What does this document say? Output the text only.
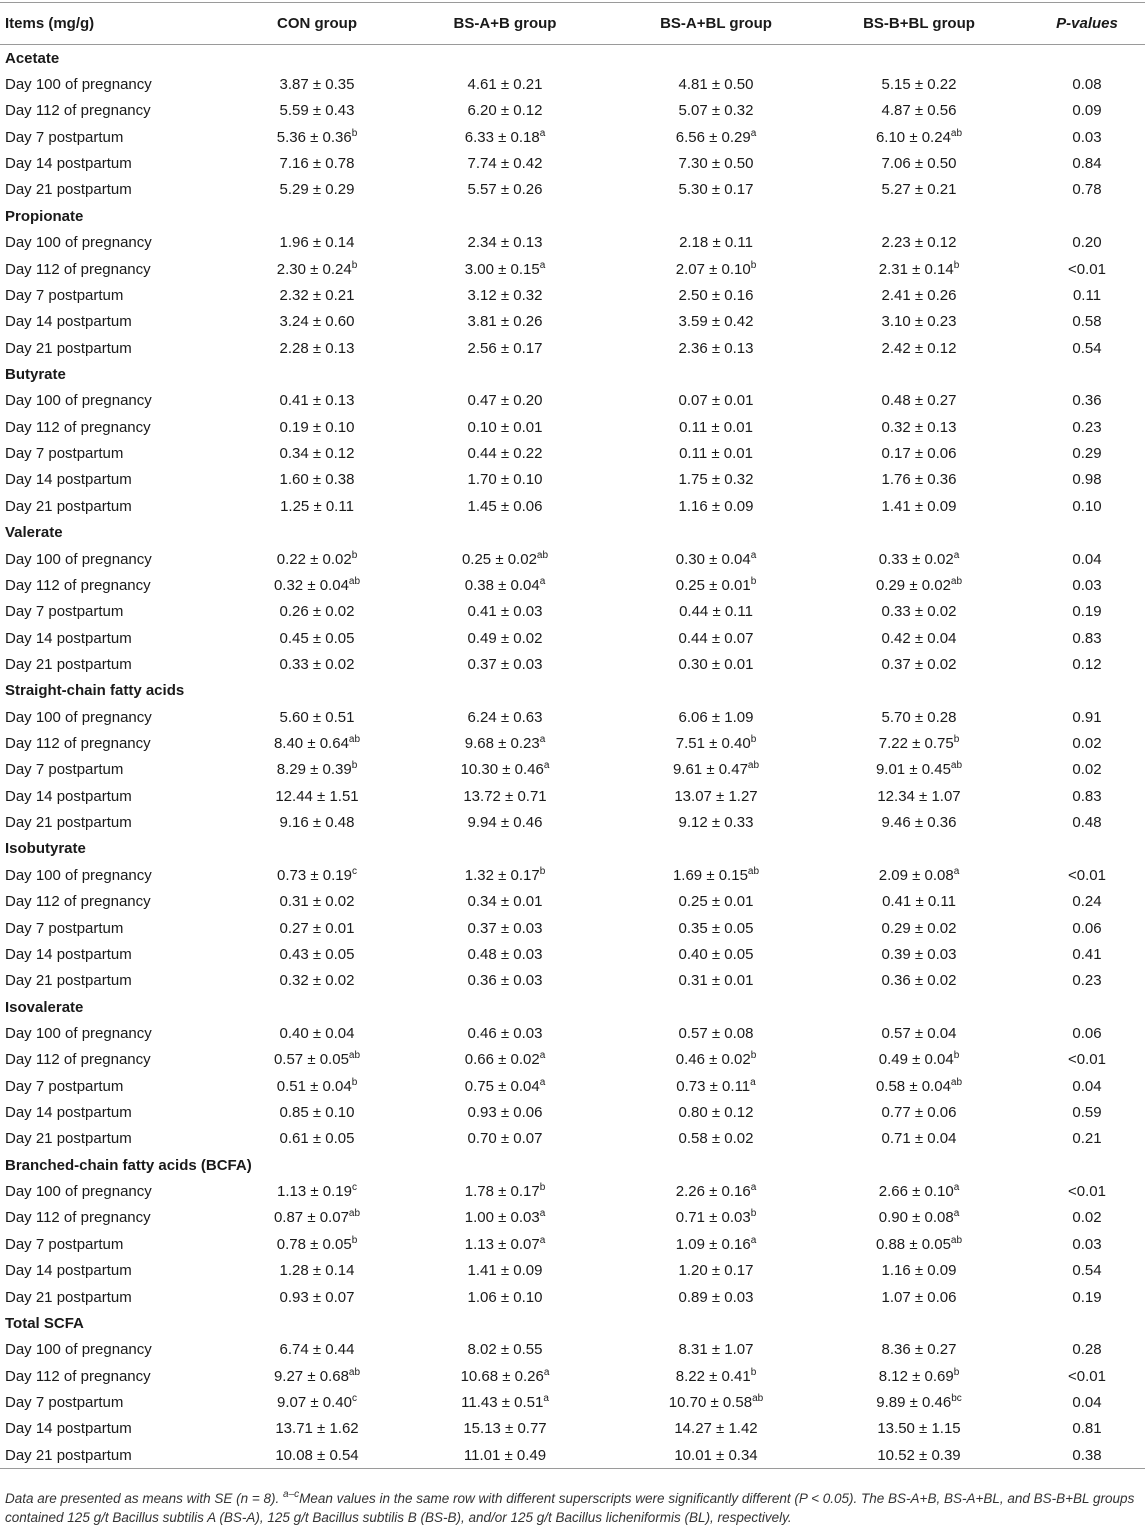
Items (mg/g)	CON group	BS-A+B group	BS-A+BL group	BS-B+BL group	P-values
Acetate					
Day 100 of pregnancy	3.87 ± 0.35	4.61 ± 0.21	4.81 ± 0.50	5.15 ± 0.22	0.08
Day 112 of pregnancy	5.59 ± 0.43	6.20 ± 0.12	5.07 ± 0.32	4.87 ± 0.56	0.09
Day 7 postpartum	5.36 ± 0.36$^b$	6.33 ± 0.18$^a$	6.56 ± 0.29$^a$	6.10 ± 0.24$^{ab}$	0.03
Day 14 postpartum	7.16 ± 0.78	7.74 ± 0.42	7.30 ± 0.50	7.06 ± 0.50	0.84
Day 21 postpartum	5.29 ± 0.29	5.57 ± 0.26	5.30 ± 0.17	5.27 ± 0.21	0.78
Propionate					
Day 100 of pregnancy	1.96 ± 0.14	2.34 ± 0.13	2.18 ± 0.11	2.23 ± 0.12	0.20
Day 112 of pregnancy	2.30 ± 0.24$^b$	3.00 ± 0.15$^a$	2.07 ± 0.10$^b$	2.31 ± 0.14$^b$	<0.01
Day 7 postpartum	2.32 ± 0.21	3.12 ± 0.32	2.50 ± 0.16	2.41 ± 0.26	0.11
Day 14 postpartum	3.24 ± 0.60	3.81 ± 0.26	3.59 ± 0.42	3.10 ± 0.23	0.58
Day 21 postpartum	2.28 ± 0.13	2.56 ± 0.17	2.36 ± 0.13	2.42 ± 0.12	0.54
Butyrate					
Day 100 of pregnancy	0.41 ± 0.13	0.47 ± 0.20	0.07 ± 0.01	0.48 ± 0.27	0.36
Day 112 of pregnancy	0.19 ± 0.10	0.10 ± 0.01	0.11 ± 0.01	0.32 ± 0.13	0.23
Day 7 postpartum	0.34 ± 0.12	0.44 ± 0.22	0.11 ± 0.01	0.17 ± 0.06	0.29
Day 14 postpartum	1.60 ± 0.38	1.70 ± 0.10	1.75 ± 0.32	1.76 ± 0.36	0.98
Day 21 postpartum	1.25 ± 0.11	1.45 ± 0.06	1.16 ± 0.09	1.41 ± 0.09	0.10
Valerate					
Day 100 of pregnancy	0.22 ± 0.02$^b$	0.25 ± 0.02$^{ab}$	0.30 ± 0.04$^a$	0.33 ± 0.02$^a$	0.04
Day 112 of pregnancy	0.32 ± 0.04$^{ab}$	0.38 ± 0.04$^a$	0.25 ± 0.01$^b$	0.29 ± 0.02$^{ab}$	0.03
Day 7 postpartum	0.26 ± 0.02	0.41 ± 0.03	0.44 ± 0.11	0.33 ± 0.02	0.19
Day 14 postpartum	0.45 ± 0.05	0.49 ± 0.02	0.44 ± 0.07	0.42 ± 0.04	0.83
Day 21 postpartum	0.33 ± 0.02	0.37 ± 0.03	0.30 ± 0.01	0.37 ± 0.02	0.12
Straight-chain fatty acids					
Day 100 of pregnancy	5.60 ± 0.51	6.24 ± 0.63	6.06 ± 1.09	5.70 ± 0.28	0.91
Day 112 of pregnancy	8.40 ± 0.64$^{ab}$	9.68 ± 0.23$^a$	7.51 ± 0.40$^b$	7.22 ± 0.75$^b$	0.02
Day 7 postpartum	8.29 ± 0.39$^b$	10.30 ± 0.46$^a$	9.61 ± 0.47$^{ab}$	9.01 ± 0.45$^{ab}$	0.02
Day 14 postpartum	12.44 ± 1.51	13.72 ± 0.71	13.07 ± 1.27	12.34 ± 1.07	0.83
Day 21 postpartum	9.16 ± 0.48	9.94 ± 0.46	9.12 ± 0.33	9.46 ± 0.36	0.48
Isobutyrate					
Day 100 of pregnancy	0.73 ± 0.19$^c$	1.32 ± 0.17$^b$	1.69 ± 0.15$^{ab}$	2.09 ± 0.08$^a$	<0.01
Day 112 of pregnancy	0.31 ± 0.02	0.34 ± 0.01	0.25 ± 0.01	0.41 ± 0.11	0.24
Day 7 postpartum	0.27 ± 0.01	0.37 ± 0.03	0.35 ± 0.05	0.29 ± 0.02	0.06
Day 14 postpartum	0.43 ± 0.05	0.48 ± 0.03	0.40 ± 0.05	0.39 ± 0.03	0.41
Day 21 postpartum	0.32 ± 0.02	0.36 ± 0.03	0.31 ± 0.01	0.36 ± 0.02	0.23
Isovalerate					
Day 100 of pregnancy	0.40 ± 0.04	0.46 ± 0.03	0.57 ± 0.08	0.57 ± 0.04	0.06
Day 112 of pregnancy	0.57 ± 0.05$^{ab}$	0.66 ± 0.02$^a$	0.46 ± 0.02$^b$	0.49 ± 0.04$^b$	<0.01
Day 7 postpartum	0.51 ± 0.04$^b$	0.75 ± 0.04$^a$	0.73 ± 0.11$^a$	0.58 ± 0.04$^{ab}$	0.04
Day 14 postpartum	0.85 ± 0.10	0.93 ± 0.06	0.80 ± 0.12	0.77 ± 0.06	0.59
Day 21 postpartum	0.61 ± 0.05	0.70 ± 0.07	0.58 ± 0.02	0.71 ± 0.04	0.21
Branched-chain fatty acids (BCFA)					
Day 100 of pregnancy	1.13 ± 0.19$^c$	1.78 ± 0.17$^b$	2.26 ± 0.16$^a$	2.66 ± 0.10$^a$	<0.01
Day 112 of pregnancy	0.87 ± 0.07$^{ab}$	1.00 ± 0.03$^a$	0.71 ± 0.03$^b$	0.90 ± 0.08$^a$	0.02
Day 7 postpartum	0.78 ± 0.05$^b$	1.13 ± 0.07$^a$	1.09 ± 0.16$^a$	0.88 ± 0.05$^{ab}$	0.03
Day 14 postpartum	1.28 ± 0.14	1.41 ± 0.09	1.20 ± 0.17	1.16 ± 0.09	0.54
Day 21 postpartum	0.93 ± 0.07	1.06 ± 0.10	0.89 ± 0.03	1.07 ± 0.06	0.19
Total SCFA					
Day 100 of pregnancy	6.74 ± 0.44	8.02 ± 0.55	8.31 ± 1.07	8.36 ± 0.27	0.28
Day 112 of pregnancy	9.27 ± 0.68$^{ab}$	10.68 ± 0.26$^a$	8.22 ± 0.41$^b$	8.12 ± 0.69$^b$	<0.01
Day 7 postpartum	9.07 ± 0.40$^c$	11.43 ± 0.51$^a$	10.70 ± 0.58$^{ab}$	9.89 ± 0.46$^{bc}$	0.04
Day 14 postpartum	13.71 ± 1.62	15.13 ± 0.77	14.27 ± 1.42	13.50 ± 1.15	0.81
Day 21 postpartum	10.08 ± 0.54	11.01 ± 0.49	10.01 ± 0.34	10.52 ± 0.39	0.38
Data are presented as means with SE (n = 8). $^{a-c}$Mean values in the same row with different superscripts were significantly different (P < 0.05). The BS-A+B, BS-A+BL, and BS-B+BL groups contained 125 g/t Bacillus subtilis A (BS-A), 125 g/t Bacillus subtilis B (BS-B), and/or 125 g/t Bacillus licheniformis (BL), respectively.
